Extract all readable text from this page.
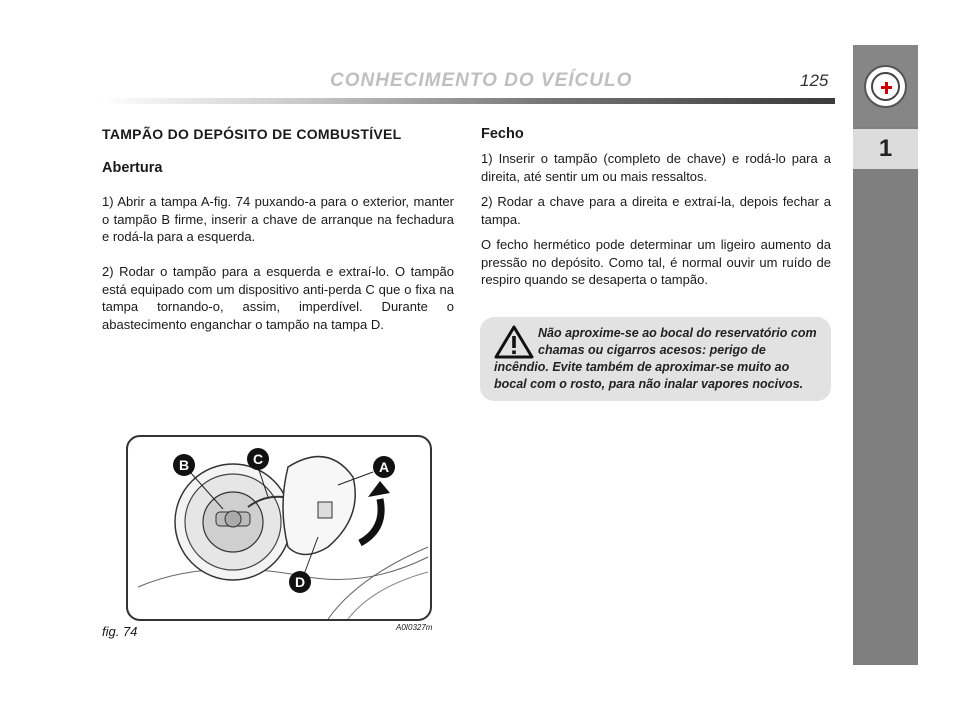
CONHECIMENTO DO VEÍCULO	125
1
TAMPÃO DO DEPÓSITO DE COMBUSTÍVEL
Abertura
1) Abrir a tampa A-fig. 74 puxando-a para o exterior, manter o tampão B firme, inserir a chave de arranque na fechadura e rodá-la para a esquerda.
2) Rodar o tampão para a esquerda e extraí-lo. O tampão está equipado com um dispositivo anti-perda C que o fixa na tampa tornando-o, assim, imperdível. Durante o abastecimento enganchar o tampão na tampa D.
Fecho
1) Inserir o tampão (completo de chave) e rodá-lo para a direita, até sentir um ou mais ressaltos.
2) Rodar a chave para a direita e extraí-la, depois fechar a tampa.
O fecho hermético pode determinar um ligeiro aumento da pressão no depósito. Como tal, é normal ouvir um ruído de respiro quando se desaperta o tampão.
Não aproxime-se ao bocal do reservatório com chamas ou cigarros acesos: perigo de incêndio. Evite também de aproximar-se muito ao bocal com o rosto, para não inalar vapores nocivos.
B	C	A
D
fig. 74	A0I0327m
